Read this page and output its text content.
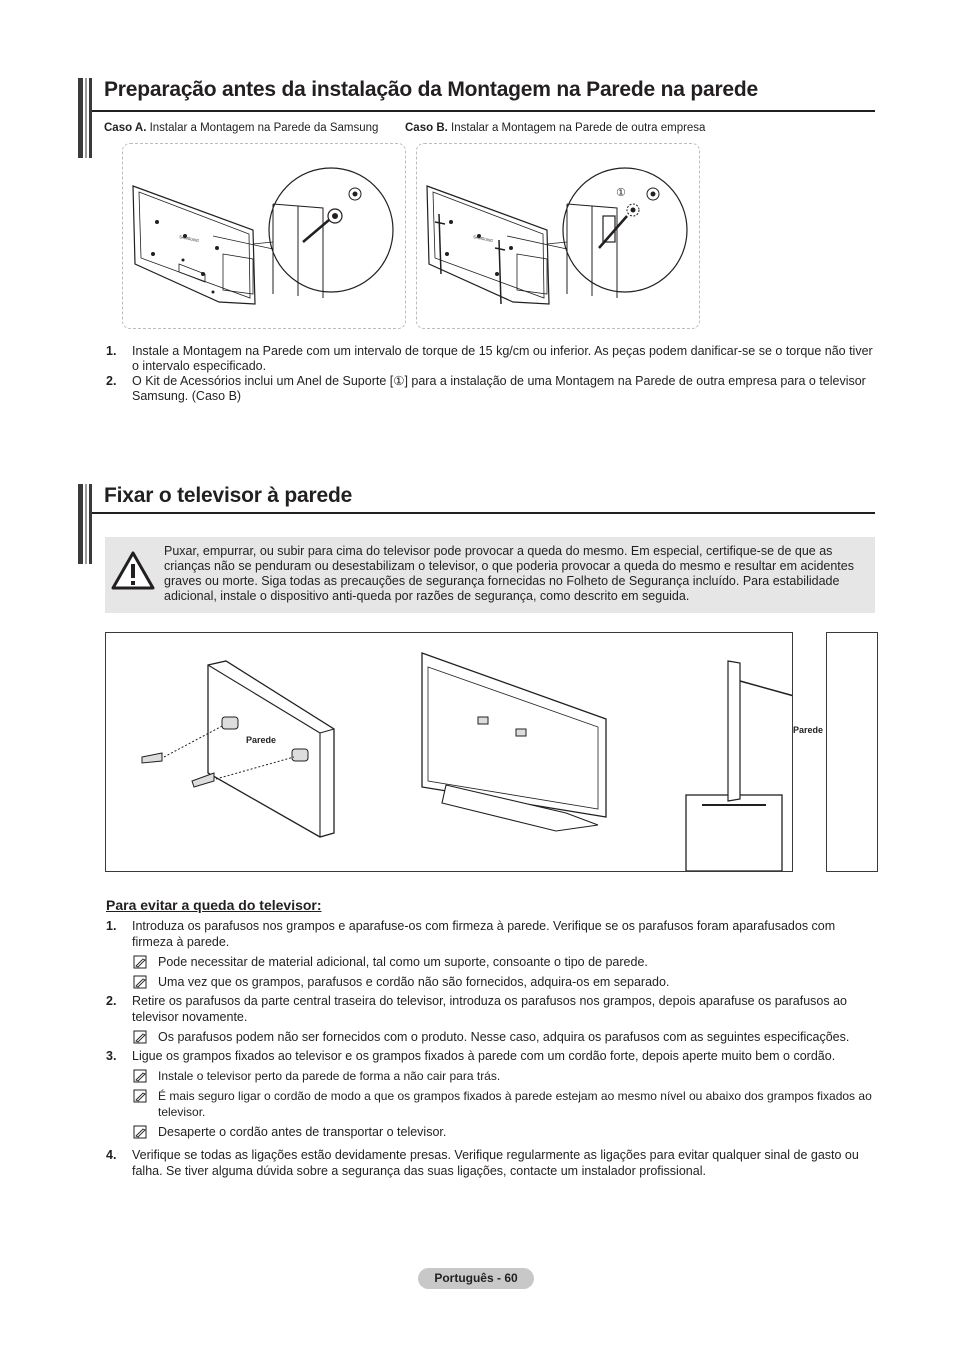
Preparação antes da instalação da Montagem na Parede na parede
Caso A. Instalar a Montagem na Parede da Samsung Caso B. Instalar a Montagem na Parede de outra empresa
SAMSUNG	SAMSUNG
①
1. Instale a Montagem na Parede com um intervalo de torque de 15 kg/cm ou inferior. As peças podem danificar-se se o torque não tiver o intervalo especificado.
2. O Kit de Acessórios inclui um Anel de Suporte [①] para a instalação de uma Montagem na Parede de outra empresa para o televisor Samsung. (Caso B)
Fixar o televisor à parede
Puxar, empurrar, ou subir para cima do televisor pode provocar a queda do mesmo. Em especial, certifique-se de que as crianças não se penduram ou desestabilizam o televisor, o que poderia provocar a queda do mesmo e resultar em acidentes graves ou morte. Siga todas as precauções de segurança fornecidas no Folheto de Segurança incluído. Para estabilidade adicional, instale o dispositivo anti-queda por razões de segurança, como descrito em seguida.
Parede
Parede
Para evitar a queda do televisor:
1. Introduza os parafusos nos grampos e aparafuse-os com firmeza à parede. Verifique se os parafusos foram aparafusados com firmeza à parede.
Pode necessitar de material adicional, tal como um suporte, consoante o tipo de parede.
Uma vez que os grampos, parafusos e cordão não são fornecidos, adquira-os em separado.
2. Retire os parafusos da parte central traseira do televisor, introduza os parafusos nos grampos, depois aparafuse os parafusos ao televisor novamente.
Os parafusos podem não ser fornecidos com o produto. Nesse caso, adquira os parafusos com as seguintes especificações.
3. Ligue os grampos fixados ao televisor e os grampos fixados à parede com um cordão forte, depois aperte muito bem o cordão.
Instale o televisor perto da parede de forma a não cair para trás.
É mais seguro ligar o cordão de modo a que os grampos fixados à parede estejam ao mesmo nível ou abaixo dos grampos fixados ao televisor.
Desaperte o cordão antes de transportar o televisor.
4. Verifique se todas as ligações estão devidamente presas. Verifique regularmente as ligações para evitar qualquer sinal de gasto ou falha. Se tiver alguma dúvida sobre a segurança das suas ligações, contacte um instalador profissional.
Português - 60
